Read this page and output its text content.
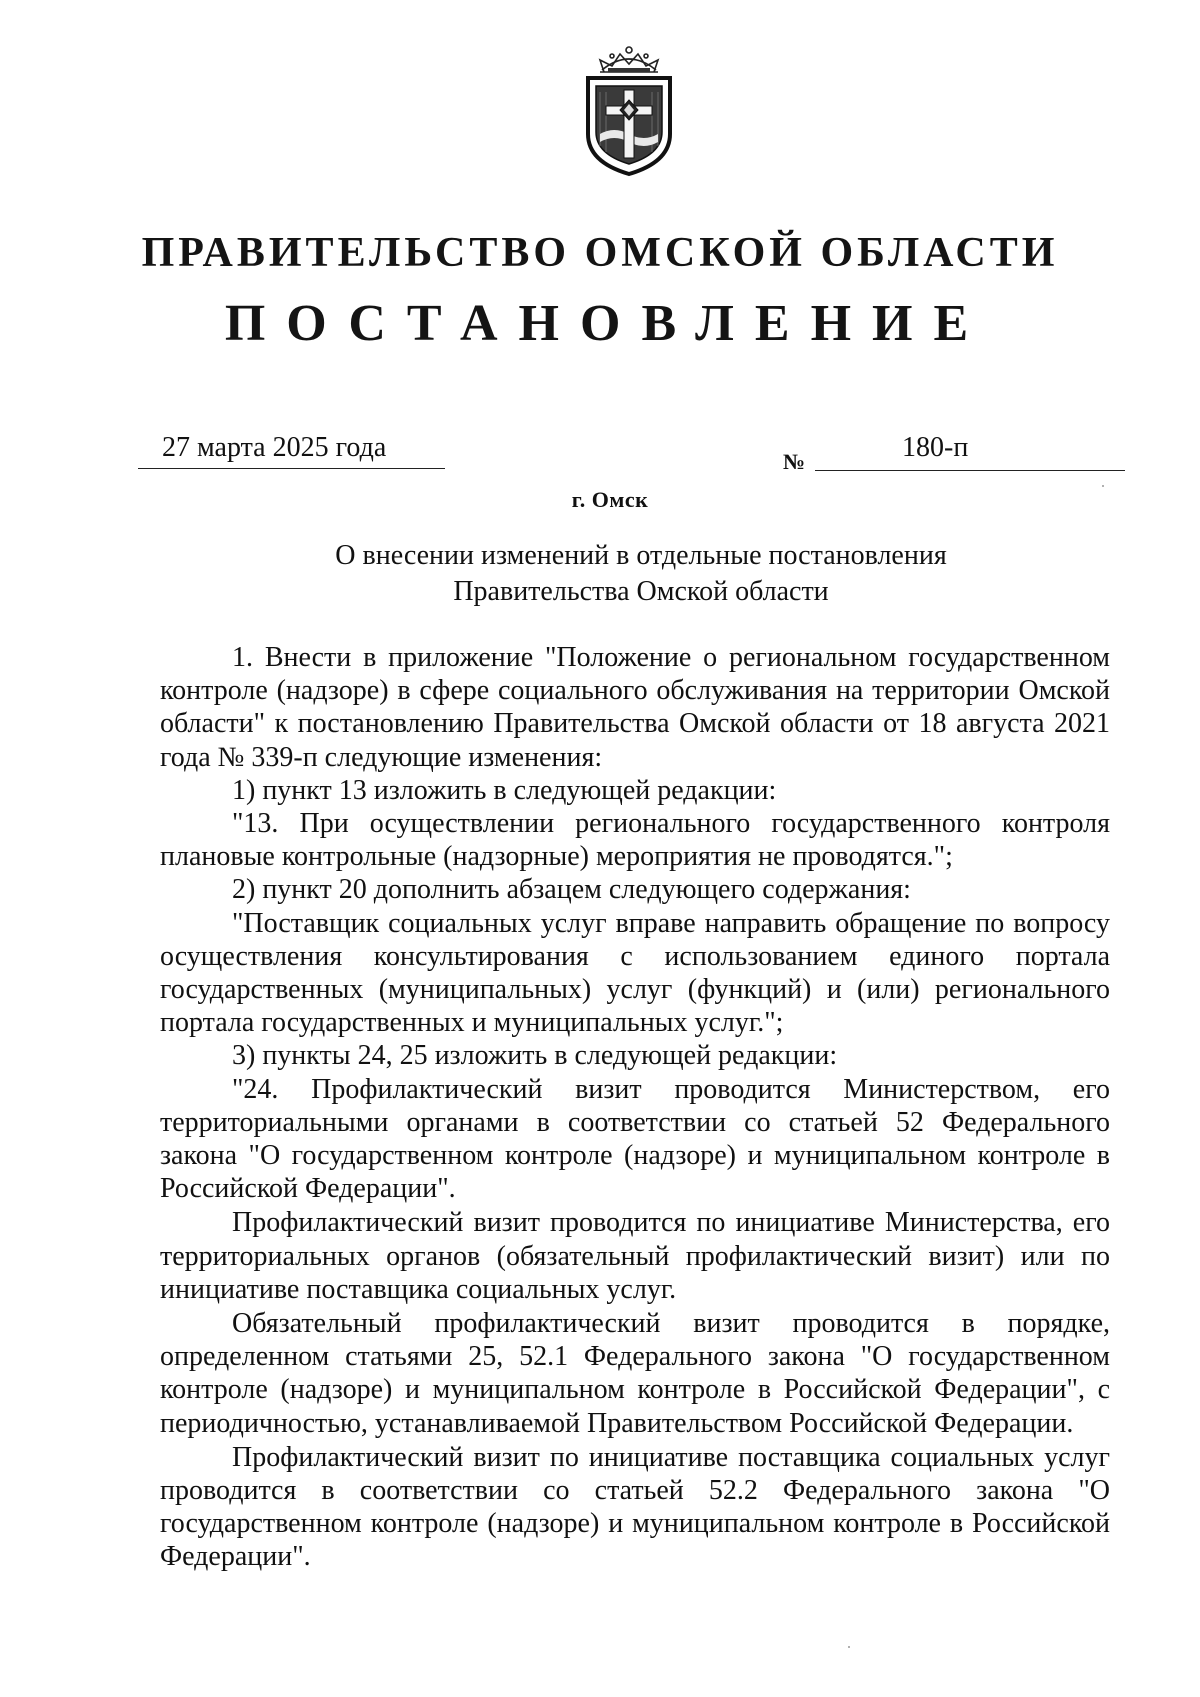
ПРАВИТЕЛЬСТВО ОМСКОЙ ОБЛАСТИ
ПОСТАНОВЛЕНИЕ
27 марта 2025 года	№	180-п
г. Омск
О внесении изменений в отдельные постановления
Правительства Омской области

1. Внести в приложение "Положение о региональном государственном контроле (надзоре) в сфере социального обслуживания на территории Омской области" к постановлению Правительства Омской области от 18 августа 2021 года № 339-п следующие изменения:

1) пункт 13 изложить в следующей редакции:

"13. При осуществлении регионального государственного контроля плановые контрольные (надзорные) мероприятия не проводятся.";

2) пункт 20 дополнить абзацем следующего содержания:

"Поставщик социальных услуг вправе направить обращение по вопросу осуществления консультирования с использованием единого портала государственных (муниципальных) услуг (функций) и (или) регионального портала государственных и муниципальных услуг.";

3) пункты 24, 25 изложить в следующей редакции:

"24. Профилактический визит проводится Министерством, его территориальными органами в соответствии со статьей 52 Федерального закона "О государственном контроле (надзоре) и муниципальном контроле в Российской Федерации".

Профилактический визит проводится по инициативе Министерства, его территориальных органов (обязательный профилактический визит) или по инициативе поставщика социальных услуг.

Обязательный профилактический визит проводится в порядке, определенном статьями 25, 52.1 Федерального закона "О государственном контроле (надзоре) и муниципальном контроле в Российской Федерации", с периодичностью, устанавливаемой Правительством Российской Федерации.

Профилактический визит по инициативе поставщика социальных услуг проводится в соответствии со статьей 52.2 Федерального закона "О государственном контроле (надзоре) и муниципальном контроле в Российской Федерации".
